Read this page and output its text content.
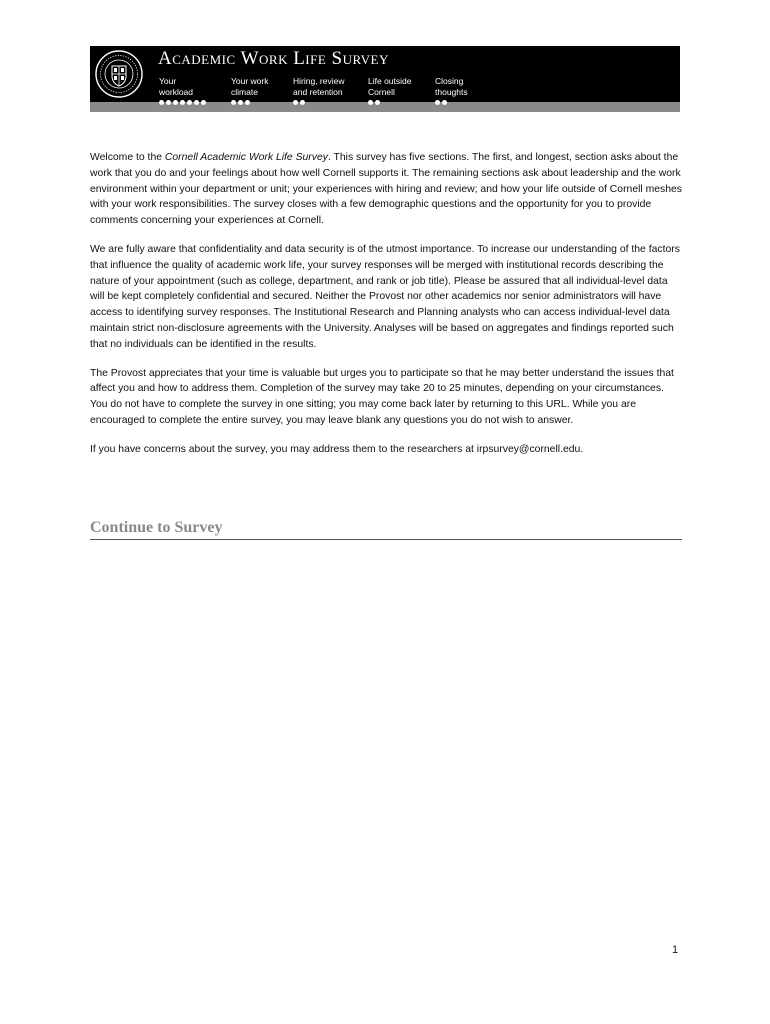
Academic Work Life Survey
Your
workload
Your work
climate
Hiring, review
and retention
Life outside
Cornell
Closing
thoughts

Welcome to the Cornell Academic Work Life Survey. This survey has five sections. The first, and longest, section asks about the work that you do and your feelings about how well Cornell supports it. The remaining sections ask about leadership and the work environment within your department or unit; your experiences with hiring and review; and how your life outside of Cornell meshes with your work responsibilities. The survey closes with a few demographic questions and the opportunity for you to provide comments concerning your experiences at Cornell.

We are fully aware that confidentiality and data security is of the utmost importance. To increase our understanding of the factors that influence the quality of academic work life, your survey responses will be merged with institutional records describing the nature of your appointment (such as college, department, and rank or job title). Please be assured that all individual-level data will be kept completely confidential and secured. Neither the Provost nor other academics nor senior administrators will have access to identifying survey responses. The Institutional Research and Planning analysts who can access individual-level data maintain strict non-disclosure agreements with the University. Analyses will be based on aggregates and findings reported such that no individuals can be identified in the results.

The Provost appreciates that your time is valuable but urges you to participate so that he may better understand the issues that affect you and how to address them. Completion of the survey may take 20 to 25 minutes, depending on your circumstances. You do not have to complete the survey in one sitting; you may come back later by returning to this URL. While you are encouraged to complete the entire survey, you may leave blank any questions you do not wish to answer.

If you have concerns about the survey, you may address them to the researchers at irpsurvey@cornell.edu.

Continue to Survey
1
